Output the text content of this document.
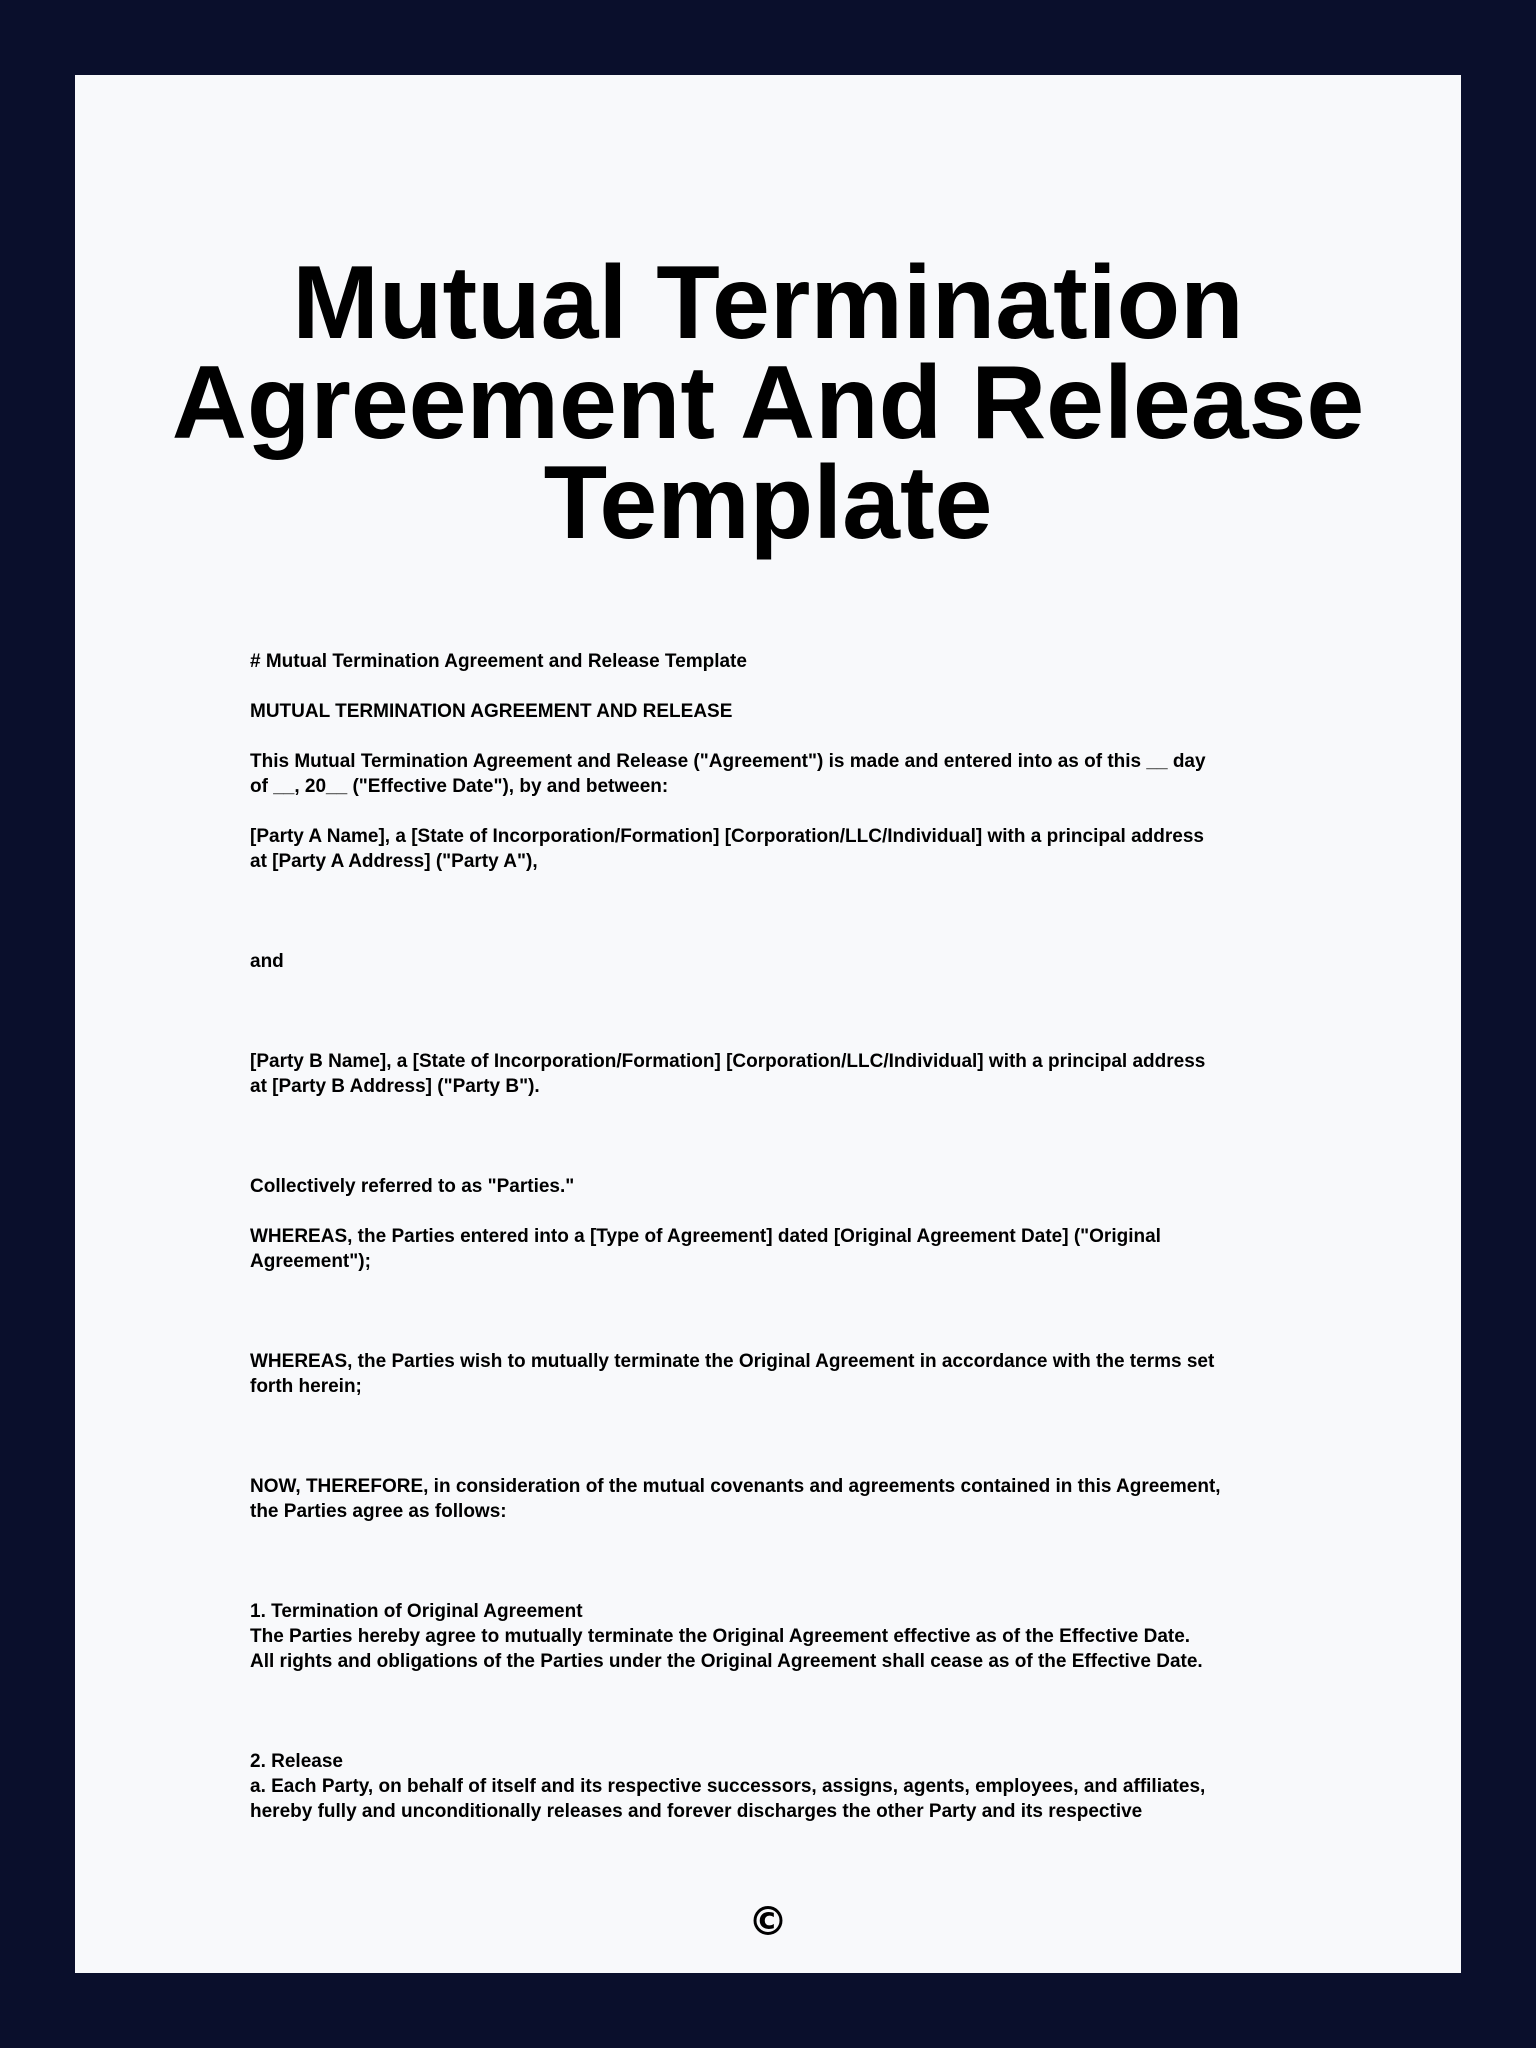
Mutual Termination
Agreement And Release
Template

# Mutual Termination Agreement and Release Template

MUTUAL TERMINATION AGREEMENT AND RELEASE

This Mutual Termination Agreement and Release ("Agreement") is made and entered into as of this __ day
of __, 20__ ("Effective Date"), by and between:

[Party A Name], a [State of Incorporation/Formation] [Corporation/LLC/Individual] with a principal address
at [Party A Address] ("Party A"),

and

[Party B Name], a [State of Incorporation/Formation] [Corporation/LLC/Individual] with a principal address
at [Party B Address] ("Party B").

Collectively referred to as "Parties."

WHEREAS, the Parties entered into a [Type of Agreement] dated [Original Agreement Date] ("Original
Agreement");

WHEREAS, the Parties wish to mutually terminate the Original Agreement in accordance with the terms set
forth herein;

NOW, THEREFORE, in consideration of the mutual covenants and agreements contained in this Agreement,
the Parties agree as follows:

1. Termination of Original Agreement
The Parties hereby agree to mutually terminate the Original Agreement effective as of the Effective Date.
All rights and obligations of the Parties under the Original Agreement shall cease as of the Effective Date.

2. Release
a. Each Party, on behalf of itself and its respective successors, assigns, agents, employees, and affiliates,
hereby fully and unconditionally releases and forever discharges the other Party and its respective

©
